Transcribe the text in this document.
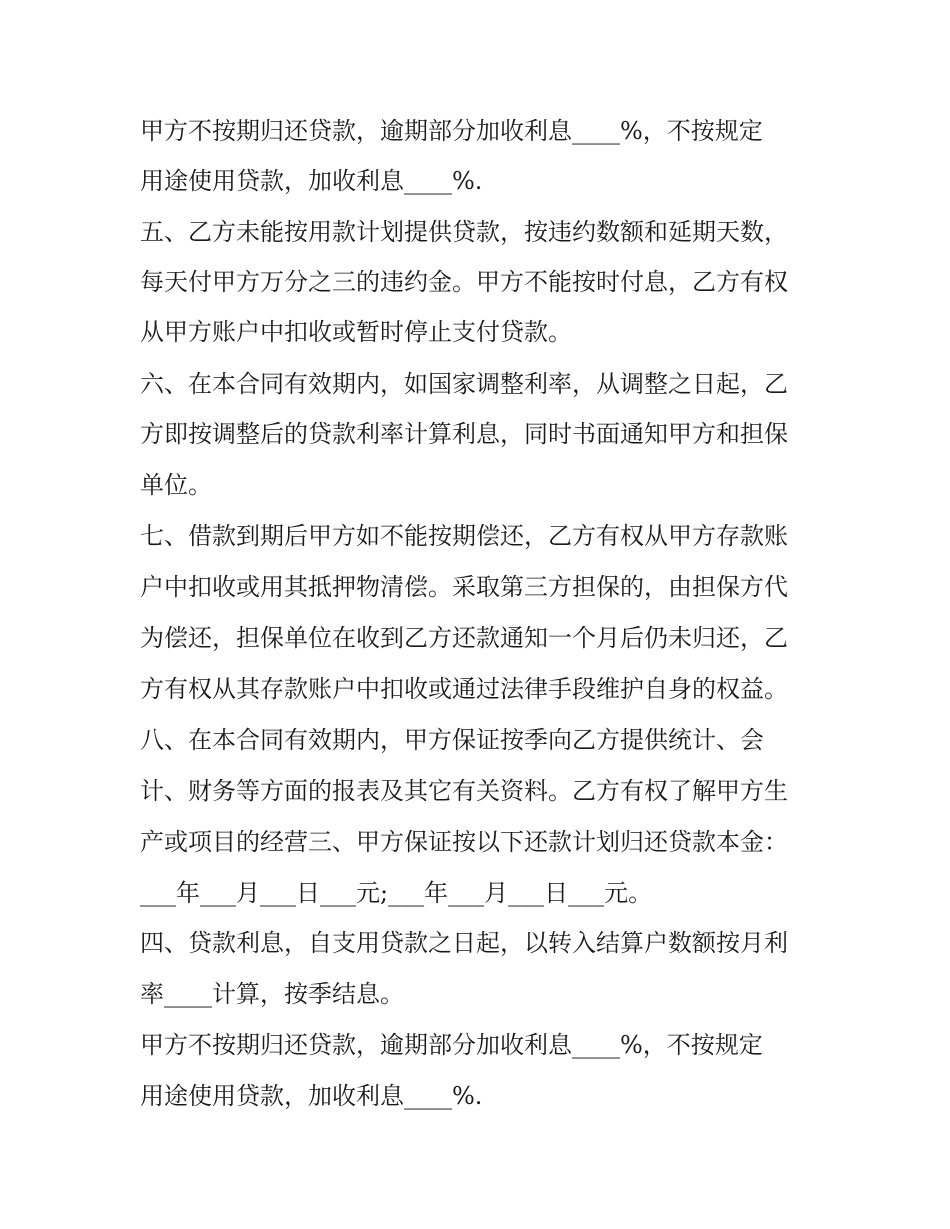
甲方不按期归还贷款，逾期部分加收利息____%，不按规定
用途使用贷款，加收利息____%.
五、乙方未能按用款计划提供贷款，按违约数额和延期天数，
每天付甲方万分之三的违约金。甲方不能按时付息，乙方有权
从甲方账户中扣收或暂时停止支付贷款。
六、在本合同有效期内，如国家调整利率，从调整之日起，乙
方即按调整后的贷款利率计算利息，同时书面通知甲方和担保
单位。
七、借款到期后甲方如不能按期偿还，乙方有权从甲方存款账
户中扣收或用其抵押物清偿。采取第三方担保的，由担保方代
为偿还，担保单位在收到乙方还款通知一个月后仍未归还，乙
方有权从其存款账户中扣收或通过法律手段维护自身的权益。
八、在本合同有效期内，甲方保证按季向乙方提供统计、会
计、财务等方面的报表及其它有关资料。乙方有权了解甲方生
产或项目的经营三、甲方保证按以下还款计划归还贷款本金：
___年___月___日___元;___年___月___日___元。
四、贷款利息，自支用贷款之日起，以转入结算户数额按月利
率____计算，按季结息。
甲方不按期归还贷款，逾期部分加收利息____%，不按规定
用途使用贷款，加收利息____%.
